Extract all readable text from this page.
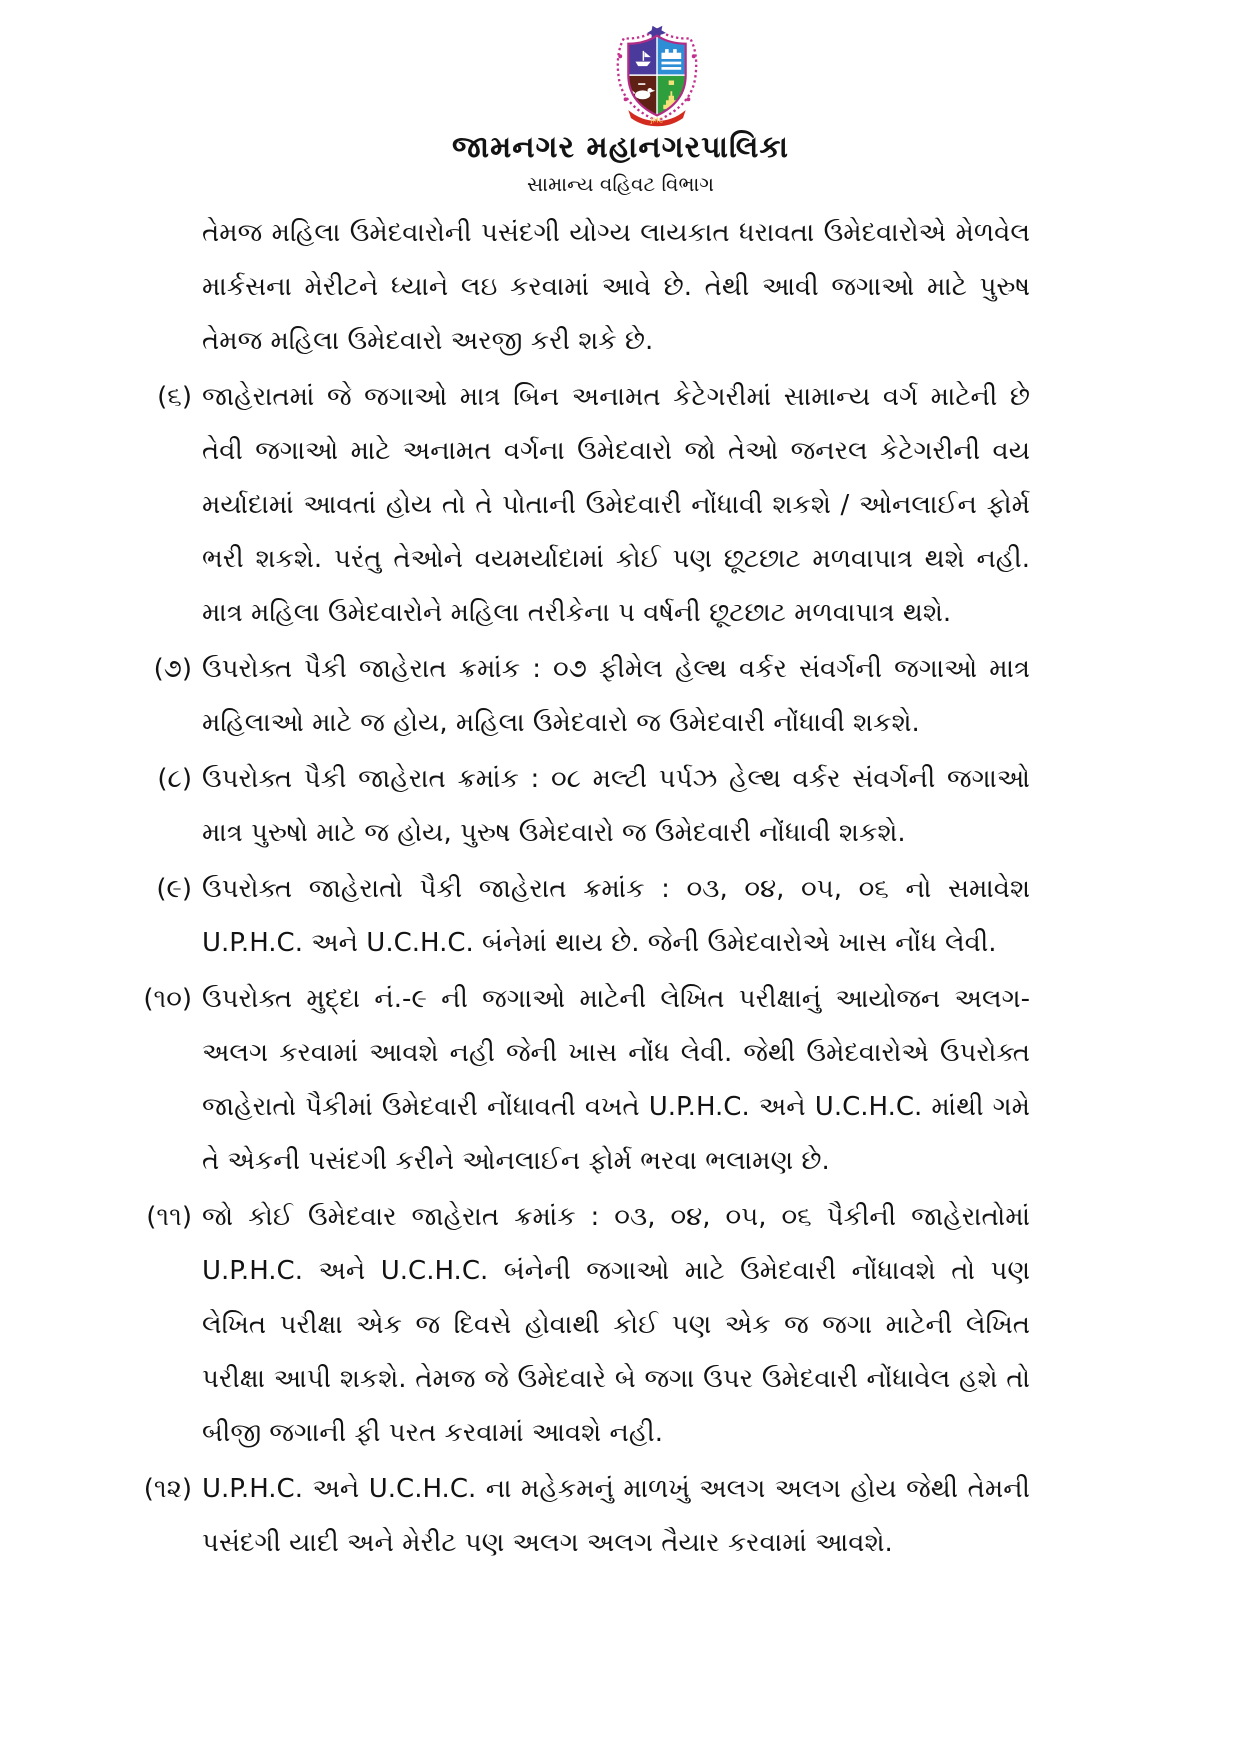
JMC
જામનગર મહાનગરપાલિકા
સામાન્ય વહિવટ વિભાગ
તેમજ મહિલા ઉમેદવારોની પસંદગી યોગ્ય લાયકાત ધરાવતા ઉમેદવારોએ મેળવેલ માર્કસના મેરીટને ધ્યાને લઇ કરવામાં આવે છે. તેથી આવી જગાઓ માટે પુરુષ તેમજ મહિલા ઉમેદવારો અરજી કરી શકે છે.
(૬) જાહેરાતમાં જે જગાઓ માત્ર બિન અનામત કેટેગરીમાં સામાન્ય વર્ગ માટેની છે તેવી જગાઓ માટે અનામત વર્ગના ઉમેદવારો જો તેઓ જનરલ કેટેગરીની વય મર્યાદામાં આવતાં હોય તો તે પોતાની ઉમેદવારી નોંધાવી શકશે / ઓનલાઈન ફોર્મ ભરી શકશે. પરંતુ તેઓને વયમર્યાદામાં કોઈ પણ છૂટછાટ મળવાપાત્ર થશે નહી. માત્ર મહિલા ઉમેદવારોને મહિલા તરીકેના પ વર્ષની છૂટછાટ મળવાપાત્ર થશે.
(૭) ઉપરોક્ત પૈકી જાહેરાત ક્રમાંક : ૦૭ ફીમેલ હેલ્થ વર્કર સંવર્ગની જગાઓ માત્ર મહિલાઓ માટે જ હોય, મહિલા ઉમેદવારો જ ઉમેદવારી નોંધાવી શકશે.
(૮) ઉપરોક્ત પૈકી જાહેરાત ક્રમાંક : ૦૮ મલ્ટી પર્પઝ હેલ્થ વર્કર સંવર્ગની જગાઓ માત્ર પુરુષો માટે જ હોય, પુરુષ ઉમેદવારો જ ઉમેદવારી નોંધાવી શકશે.
(૯) ઉપરોક્ત જાહેરાતો પૈકી જાહેરાત ક્રમાંક : ૦૩, ૦૪, ૦૫, ૦૬ નો સમાવેશ U.P.H.C. અને U.C.H.C. બંનેમાં થાય છે. જેની ઉમેદવારોએ ખાસ નોંધ લેવી.
(૧૦) ઉપરોક્ત મુદ્દા નં.-૯ ની જગાઓ માટેની લેખિત પરીક્ષાનું આયોજન અલગ-અલગ કરવામાં આવશે નહી જેની ખાસ નોંધ લેવી. જેથી ઉમેદવારોએ ઉપરોક્ત જાહેરાતો પૈકીમાં ઉમેદવારી નોંધાવતી વખતે U.P.H.C. અને U.C.H.C. માંથી ગમે તે એકની પસંદગી કરીને ઓનલાઈન ફોર્મ ભરવા ભલામણ છે.
(૧૧) જો કોઈ ઉમેદવાર જાહેરાત ક્રમાંક : ૦૩, ૦૪, ૦૫, ૦૬ પૈકીની જાહેરાતોમાં U.P.H.C. અને U.C.H.C. બંનેની જગાઓ માટે ઉમેદવારી નોંધાવશે તો પણ લેખિત પરીક્ષા એક જ દિવસે હોવાથી કોઈ પણ એક જ જગા માટેની લેખિત પરીક્ષા આપી શકશે. તેમજ જે ઉમેદવારે બે જગા ઉપર ઉમેદવારી નોંધાવેલ હશે તો બીજી જગાની ફી પરત કરવામાં આવશે નહી.
(૧૨) U.P.H.C. અને U.C.H.C. ના મહેકમનું માળખું અલગ અલગ હોય જેથી તેમની પસંદગી યાદી અને મેરીટ પણ અલગ અલગ તૈયાર કરવામાં આવશે.
